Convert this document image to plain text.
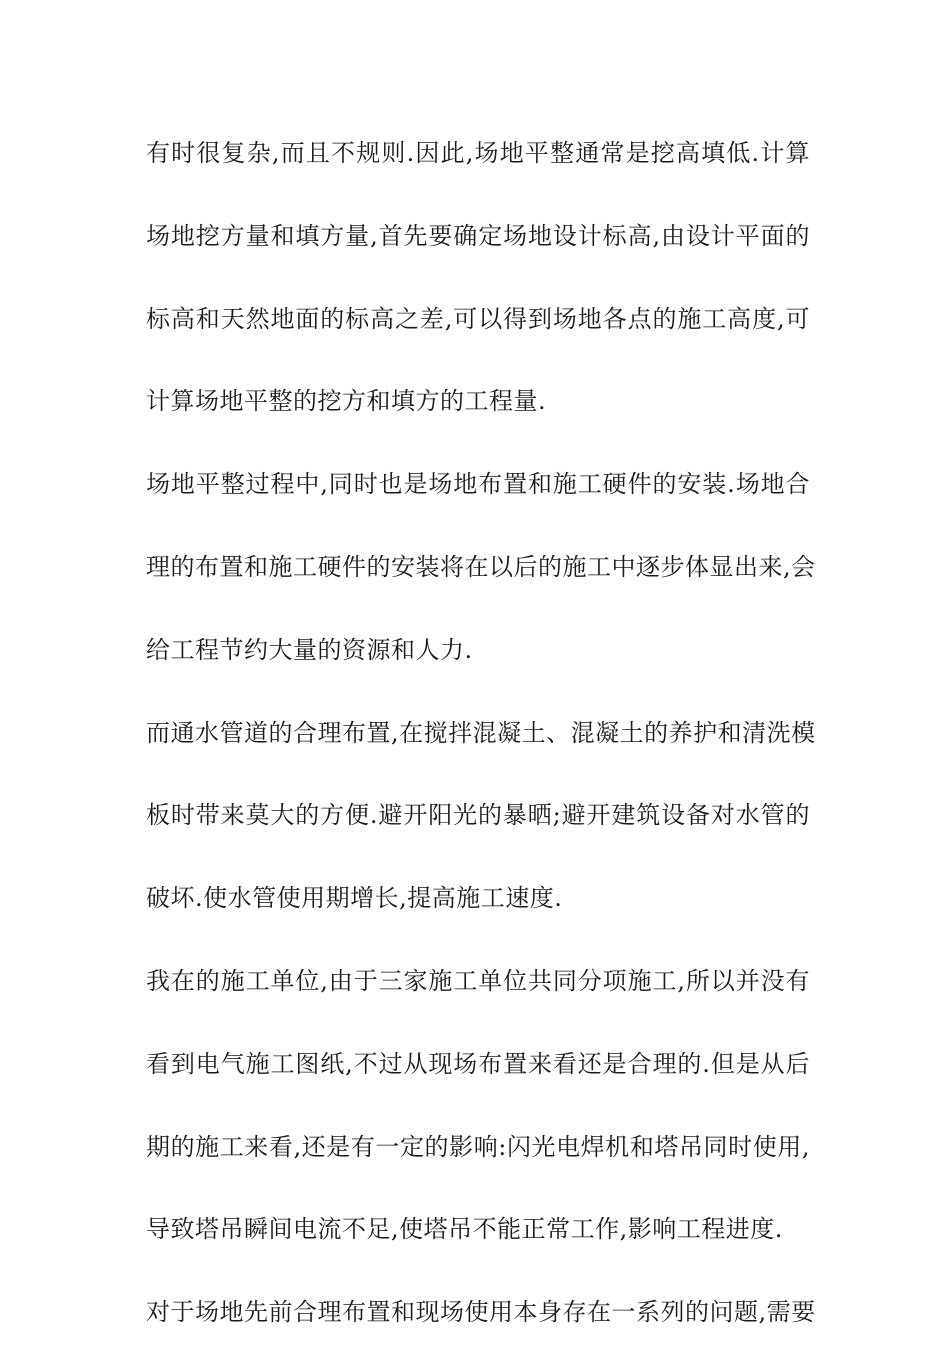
有时很复杂,而且不规则.因此,场地平整通常是挖高填低.计算
场地挖方量和填方量,首先要确定场地设计标高,由设计平面的
标高和天然地面的标高之差,可以得到场地各点的施工高度,可
计算场地平整的挖方和填方的工程量.
场地平整过程中,同时也是场地布置和施工硬件的安装.场地合
理的布置和施工硬件的安装将在以后的施工中逐步体显出来,会
给工程节约大量的资源和人力.
而通水管道的合理布置,在搅拌混凝土、混凝土的养护和清洗模
板时带来莫大的方便.避开阳光的暴晒;避开建筑设备对水管的
破坏.使水管使用期增长,提高施工速度.
我在的施工单位,由于三家施工单位共同分项施工,所以并没有
看到电气施工图纸,不过从现场布置来看还是合理的.但是从后
期的施工来看,还是有一定的影响:闪光电焊机和塔吊同时使用,
导致塔吊瞬间电流不足,使塔吊不能正常工作,影响工程进度.
对于场地先前合理布置和现场使用本身存在一系列的问题,需要
